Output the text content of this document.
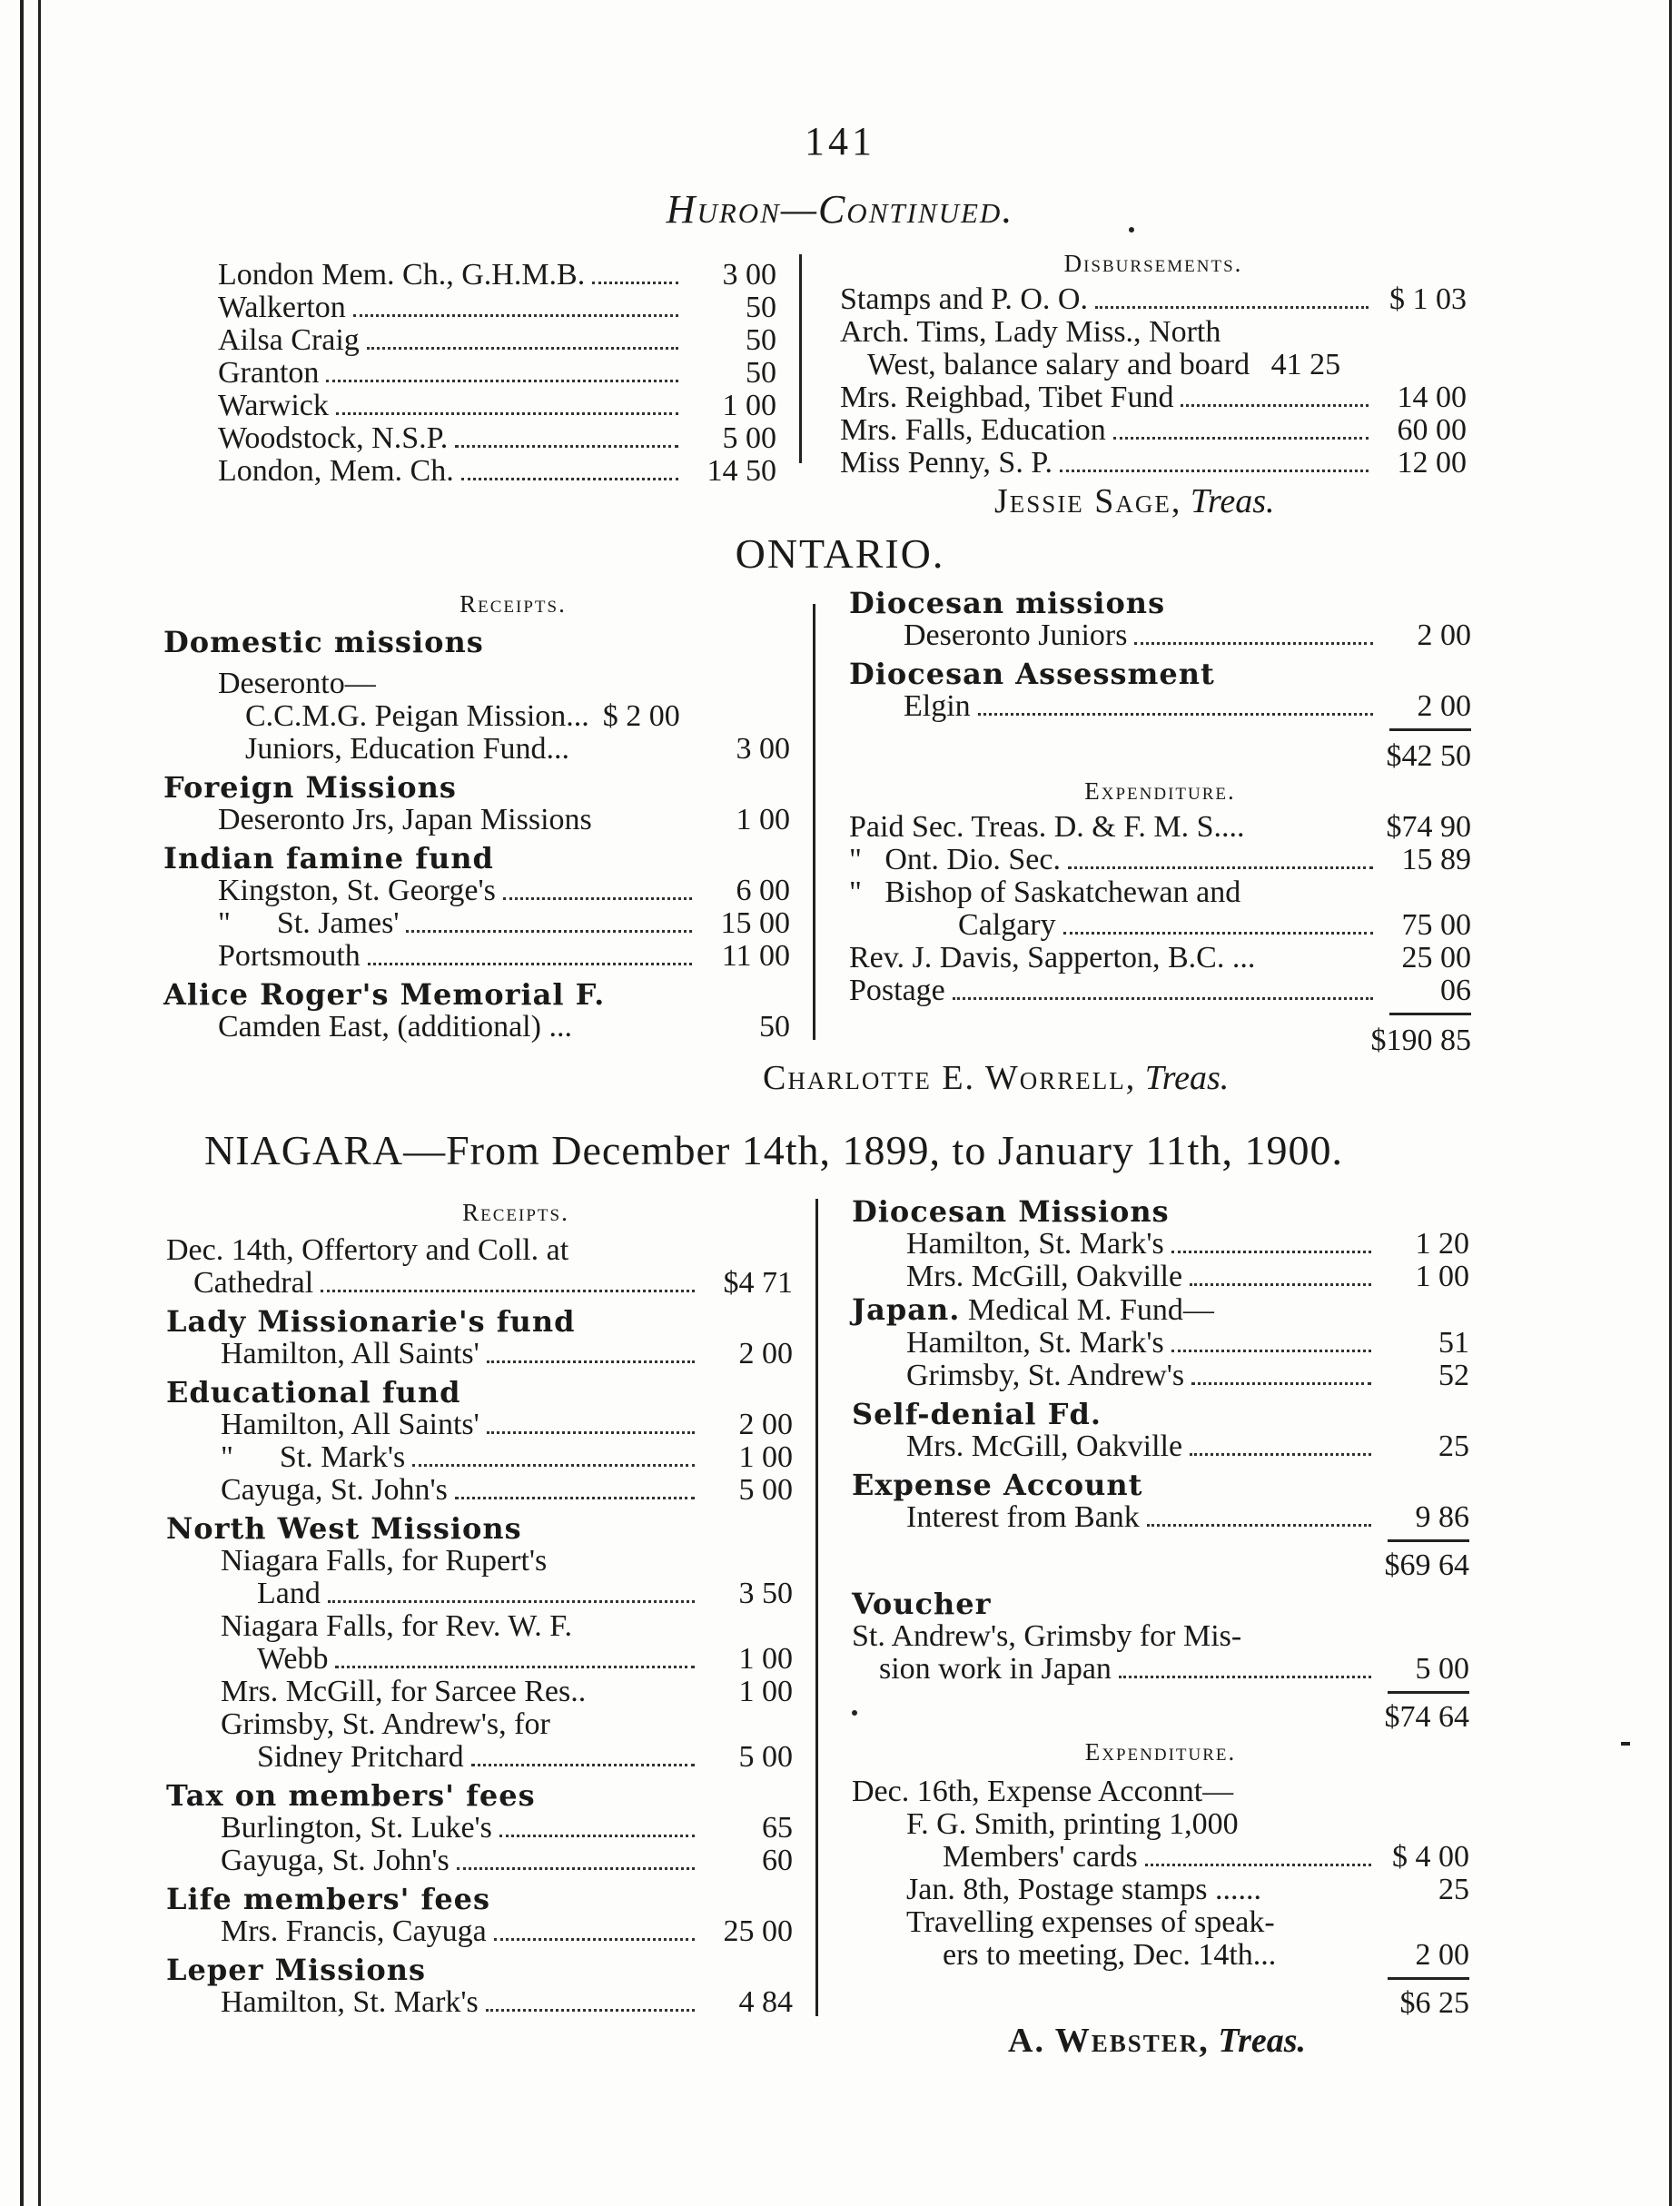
141
Huron—Continued.
London Mem. Ch., G.H.M.B.	3 00
Walkerton	50
Ailsa Craig	50
Granton	50
Warwick	1 00
Woodstock, N.S.P.	5 00
London, Mem. Ch.	14 50
Disbursements.
Stamps and P. O. O.	$ 1 03
Arch. Tims, Lady Miss., North
West, balance salary and board 41 25
Mrs. Reighbad, Tibet Fund	14 00
Mrs. Falls, Education	60 00
Miss Penny, S. P.	12 00
Jessie Sage, Treas.
ONTARIO.
Receipts.
Domestic missions
Deseronto—
C.C.M.G. Peigan Mission... $ 2 00
Juniors, Education Fund...	3 00
Foreign Missions
Deseronto Jrs, Japan Missions	1 00
Indian famine fund
Kingston, St. George's	6 00
"      St. James'	15 00
Portsmouth	11 00
Alice Roger's Memorial F.
Camden East, (additional) ...	50
Diocesan missions
Deseronto Juniors	2 00
Diocesan Assessment
Elgin	2 00
$42 50
Expenditure.
Paid Sec. Treas. D. & F. M. S....	$74 90
"   Ont. Dio. Sec.	15 89
"   Bishop of Saskatchewan and
Calgary	75 00
Rev. J. Davis, Sapperton, B.C. ...	25 00
Postage	06
$190 85
Charlotte E. Worrell, Treas.
NIAGARA—From December 14th, 1899, to January 11th, 1900.
Receipts.
Dec. 14th, Offertory and Coll. at
Cathedral	$4 71
Lady Missionarie's fund
Hamilton, All Saints'	2 00
Educational fund
Hamilton, All Saints'	2 00
"      St. Mark's	1 00
Cayuga, St. John's	5 00
North West Missions
Niagara Falls, for Rupert's
Land	3 50
Niagara Falls, for Rev. W. F.
Webb	1 00
Mrs. McGill, for Sarcee Res..	1 00
Grimsby, St. Andrew's, for
Sidney Pritchard	5 00
Tax on members' fees
Burlington, St. Luke's	65
Gayuga, St. John's	60
Life members' fees
Mrs. Francis, Cayuga	25 00
Leper Missions
Hamilton, St. Mark's	4 84
Diocesan Missions
Hamilton, St. Mark's	1 20
Mrs. McGill, Oakville	1 00
Japan. Medical M. Fund—
Hamilton, St. Mark's	51
Grimsby, St. Andrew's	52
Self-denial Fd.
Mrs. McGill, Oakville	25
Expense Account
Interest from Bank	9 86
$69 64
Voucher
St. Andrew's, Grimsby for Mis-
sion work in Japan	5 00
$74 64
Expenditure.
Dec. 16th, Expense Acconnt—
F. G. Smith, printing 1,000
Members' cards	$ 4 00
Jan. 8th, Postage stamps ......	25
Travelling expenses of speak-
ers to meeting, Dec. 14th...	2 00
$6 25
A. Webster, Treas.
